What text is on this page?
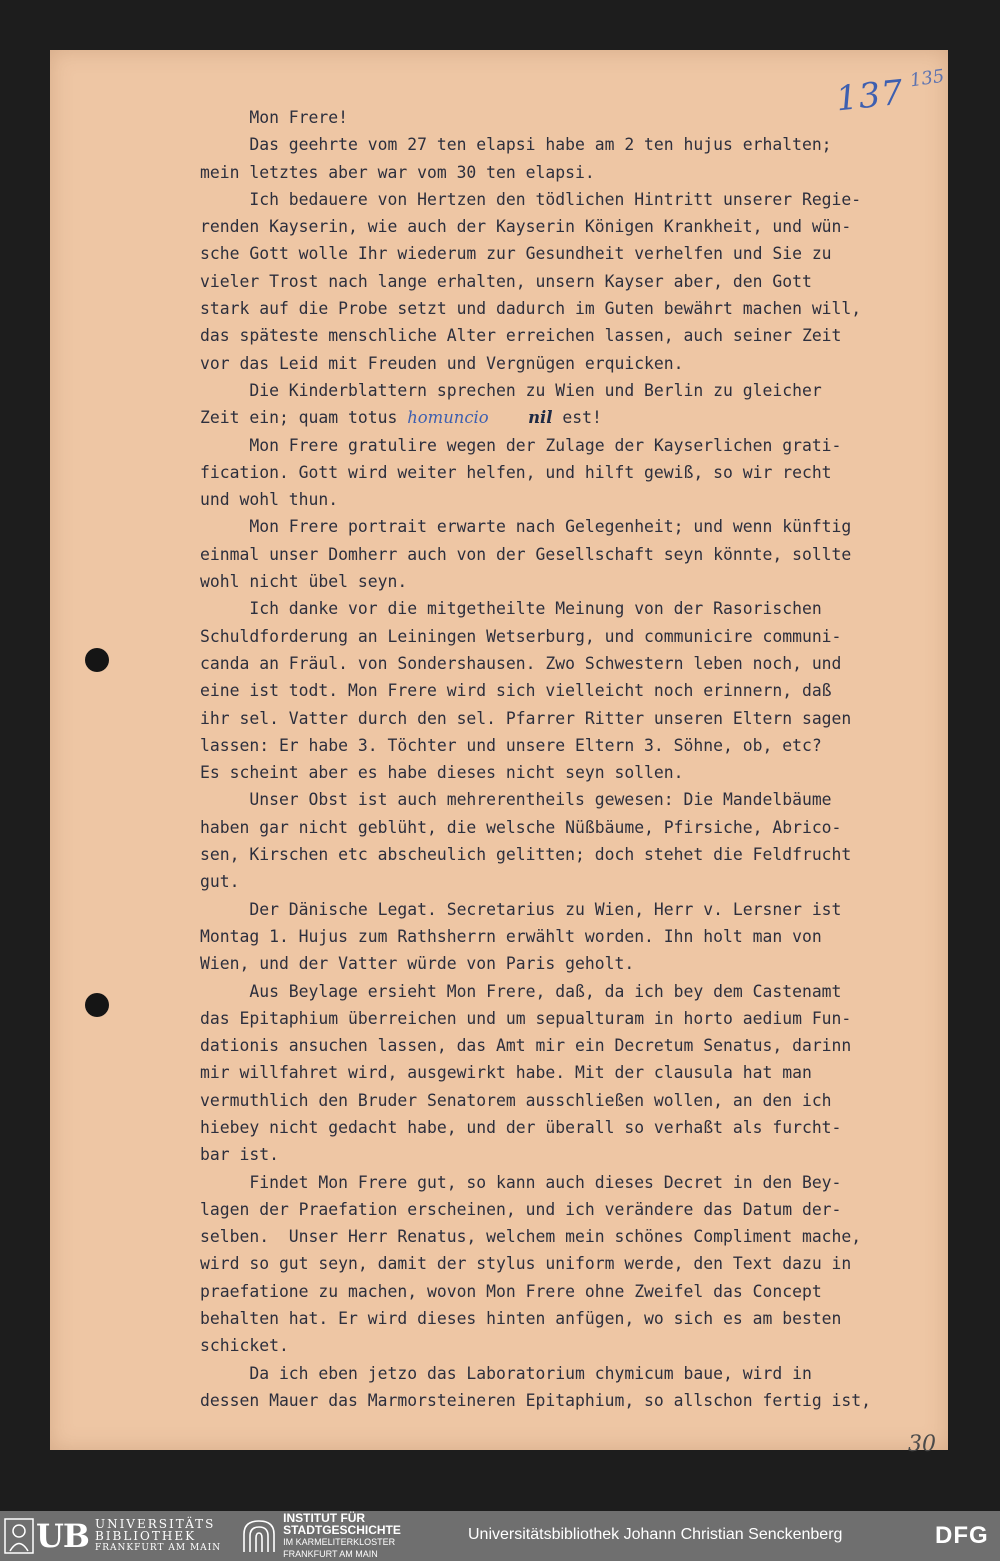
137 135
Mon Frere!
Das geehrte vom 27 ten elapsi habe am 2 ten hujus erhalten;
mein letztes aber war vom 30 ten elapsi.
Ich bedauere von Hertzen den tödlichen Hintritt unserer Regie-
renden Kayserin, wie auch der Kayserin Königen Krankheit, und wün-
sche Gott wolle Ihr wiederum zur Gesundheit verhelfen und Sie zu
vieler Trost nach lange erhalten, unsern Kayser aber, den Gott
stark auf die Probe setzt und dadurch im Guten bewährt machen will,
das späteste menschliche Alter erreichen lassen, auch seiner Zeit
vor das Leid mit Freuden und Vergnügen erquicken.
Die Kinderblattern sprechen zu Wien und Berlin zu gleicher
Zeit ein; quam totus homuncio nil est!
Mon Frere gratulire wegen der Zulage der Kayserlichen grati-
fication. Gott wird weiter helfen, und hilft gewiß, so wir recht
und wohl thun.
Mon Frere portrait erwarte nach Gelegenheit; und wenn künftig
einmal unser Domherr auch von der Gesellschaft seyn könnte, sollte
wohl nicht übel seyn.
Ich danke vor die mitgetheilte Meinung von der Rasorischen
Schuldforderung an Leiningen Wetserburg, und communicire communi-
canda an Fräul. von Sondershausen. Zwo Schwestern leben noch, und
eine ist todt. Mon Frere wird sich vielleicht noch erinnern, daß
ihr sel. Vatter durch den sel. Pfarrer Ritter unseren Eltern sagen
lassen: Er habe 3. Töchter und unsere Eltern 3. Söhne, ob, etc?
Es scheint aber es habe dieses nicht seyn sollen.
Unser Obst ist auch mehrerentheils gewesen: Die Mandelbäume
haben gar nicht geblüht, die welsche Nüßbäume, Pfirsiche, Abrico-
sen, Kirschen etc abscheulich gelitten; doch stehet die Feldfrucht
gut.
Der Dänische Legat. Secretarius zu Wien, Herr v. Lersner ist
Montag 1. Hujus zum Rathsherrn erwählt worden. Ihn holt man von
Wien, und der Vatter würde von Paris geholt.
Aus Beylage ersieht Mon Frere, daß, da ich bey dem Castenamt
das Epitaphium überreichen und um sepualturam in horto aedium Fun-
dationis ansuchen lassen, das Amt mir ein Decretum Senatus, darinn
mir willfahret wird, ausgewirkt habe. Mit der clausula hat man
vermuthlich den Bruder Senatorem ausschließen wollen, an den ich
hiebey nicht gedacht habe, und der überall so verhaßt als furcht-
bar ist.
Findet Mon Frere gut, so kann auch dieses Decret in den Bey-
lagen der Praefation erscheinen, und ich verändere das Datum der-
selben.  Unser Herr Renatus, welchem mein schönes Compliment mache,
wird so gut seyn, damit der stylus uniform werde, den Text dazu in
praefatione zu machen, wovon Mon Frere ohne Zweifel das Concept
behalten hat. Er wird dieses hinten anfügen, wo sich es am besten
schicket.
Da ich eben jetzo das Laboratorium chymicum baue, wird in
dessen Mauer das Marmorsteineren Epitaphium, so allschon fertig ist,
30
UB UNIVERSITÄTS
BIBLIOTHEK
FRANKFURT AM MAIN
INSTITUT FÜR
STADTGESCHICHTE
IM KARMELITERKLOSTER
FRANKFURT AM MAIN
Universitätsbibliothek Johann Christian Senckenberg	DFG
